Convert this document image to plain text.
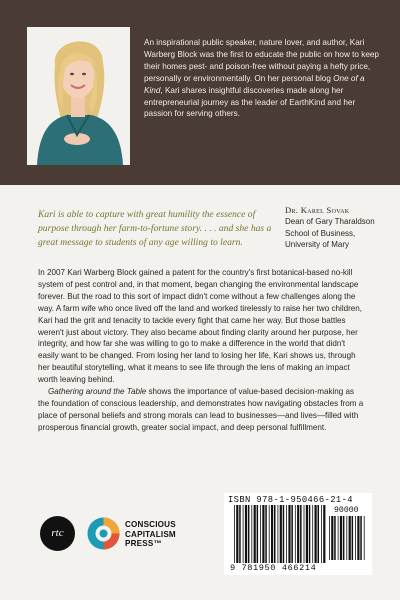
An inspirational public speaker, nature lover, and author, Kari Warberg Block was the first to educate the public on how to keep their homes pest- and poison-free without paying a hefty price, personally or environmentally. On her personal blog One of a Kind, Kari shares insightful discoveries made along her entrepreneurial journey as the leader of EarthKind and her passion for serving others.

Kari is able to capture with great humility the essence of purpose through her farm-to-fortune story. . . . and she has a great message to students of any age willing to learn.

Dr. Karel Sovak
Dean of Gary Tharaldson
School of Business,
University of Mary

In 2007 Kari Warberg Block gained a patent for the country's first botanical-based no-kill system of pest control and, in that moment, began changing the environmental landscape forever. But the road to this sort of impact didn't come without a few challenges along the way. A farm wife who once lived off the land and worked tirelessly to raise her two children, Kari had the grit and tenacity to tackle every fight that came her way. But those battles weren't just about victory. They also became about finding clarity around her purpose, her integrity, and how far she was willing to go to make a difference in the world that didn't easily want to be changed. From losing her land to losing her life, Kari shows us, through her beautiful storytelling, what it means to see life through the lens of making an impact worth leaving behind.

Gathering around the Table shows the importance of value-based decision-making as the foundation of conscious leadership, and demonstrates how navigating obstacles from a place of personal beliefs and strong morals can lead to businesses—and lives—filled with prosperous financial growth, greater social impact, and deep personal fulfillment.

rtc
CONSCIOUS
CAPITALISM
PRESS™
ISBN 978-1-950466-21-4
90000
9 781950 466214
